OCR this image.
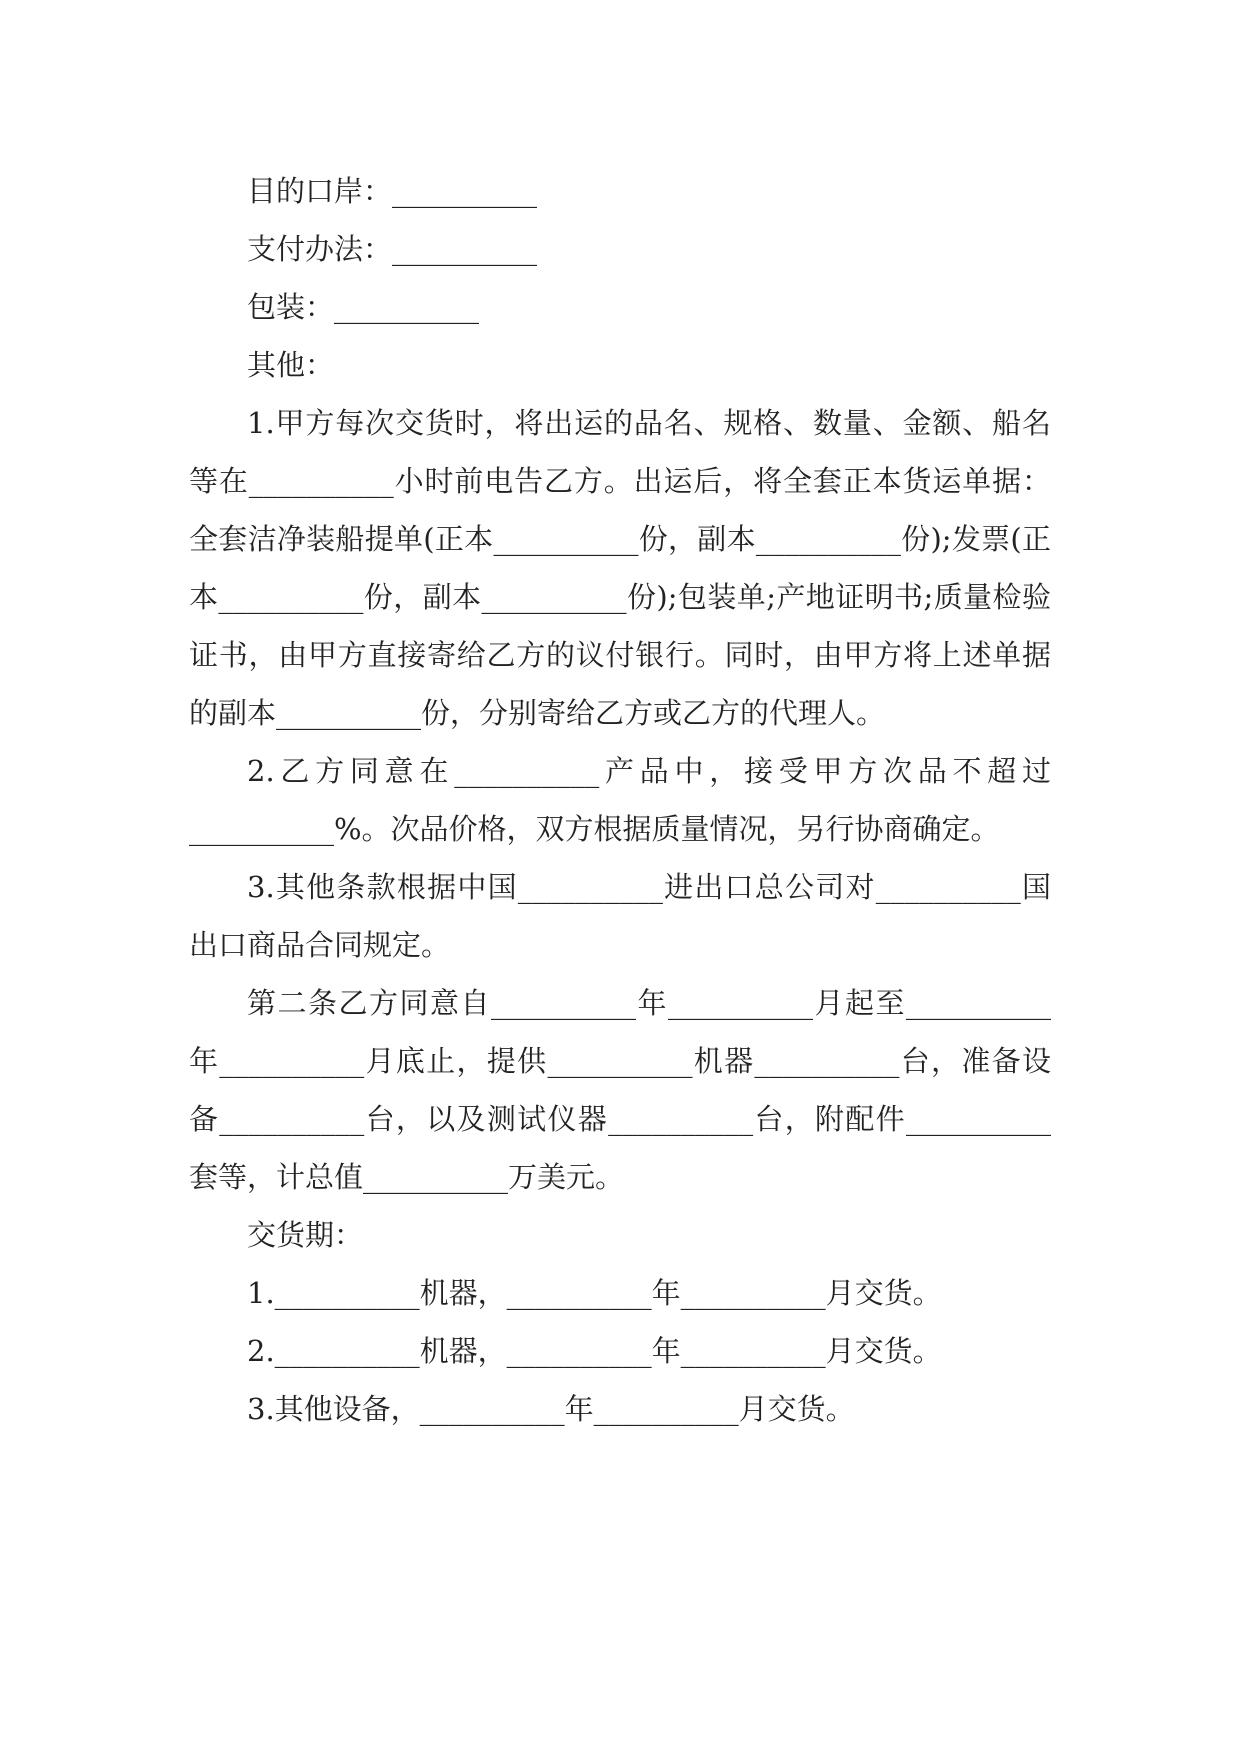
目的口岸：__________

支付办法：__________

包装：__________

其他：

1.甲方每次交货时，将出运的品名、规格、数量、金额、船名等在__________小时前电告乙方。出运后，将全套正本货运单据：全套洁净装船提单(正本__________份，副本__________份);发票(正本__________份，副本__________份);包装单;产地证明书;质量检验证书，由甲方直接寄给乙方的议付银行。同时，由甲方将上述单据的副本__________份，分别寄给乙方或乙方的代理人。

2.乙方同意在__________产品中，接受甲方次品不超过__________%。次品价格，双方根据质量情况，另行协商确定。

3.其他条款根据中国__________进出口总公司对__________国出口商品合同规定。

第二条乙方同意自__________年__________月起至__________年__________月底止，提供__________机器__________台，准备设备__________台，以及测试仪器__________台，附配件__________套等，计总值__________万美元。

交货期：

1.__________机器，__________年__________月交货。

2.__________机器，__________年__________月交货。

3.其他设备，__________年__________月交货。
